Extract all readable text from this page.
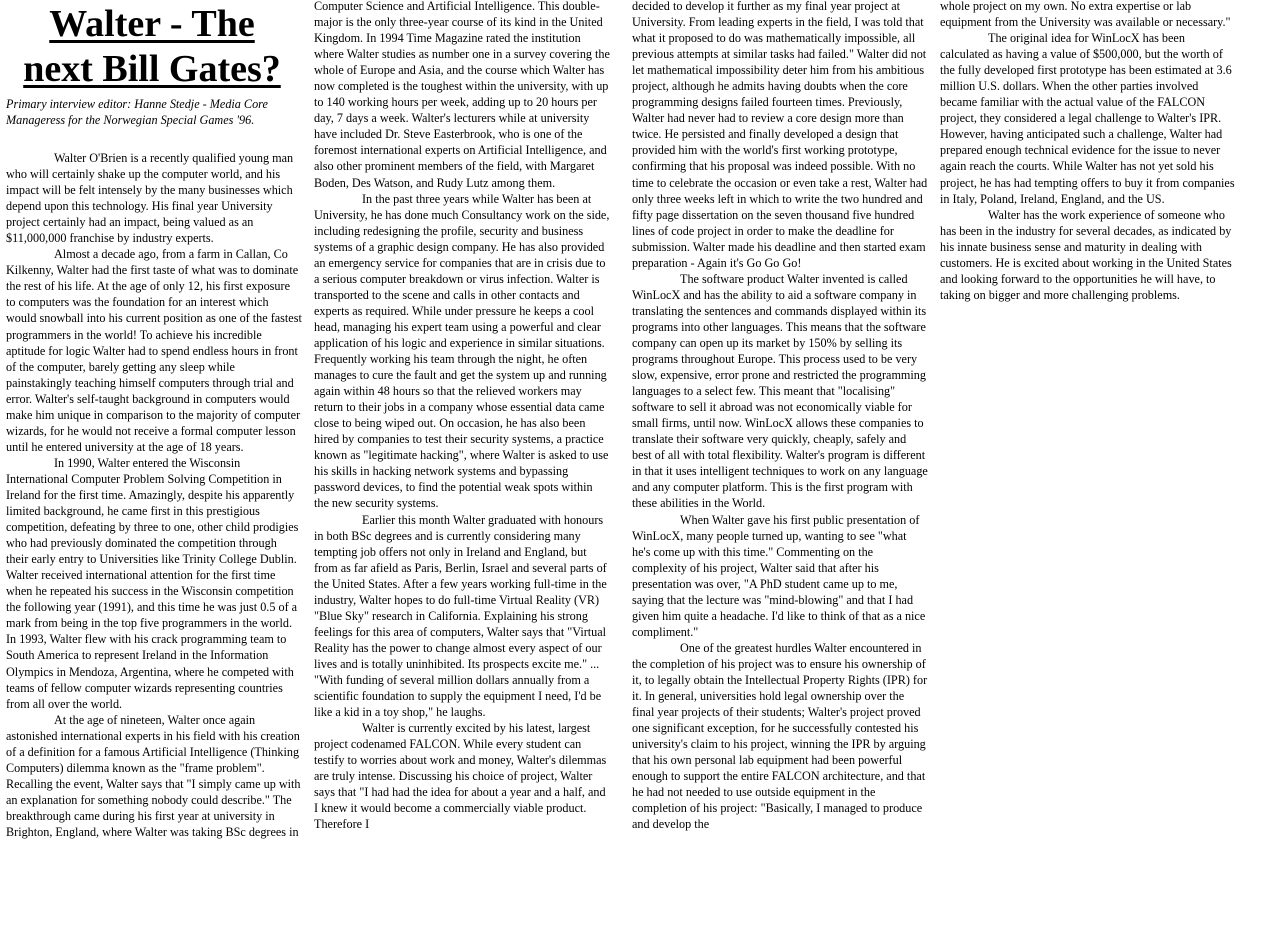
Walter - The
next Bill Gates?
Primary interview editor: Hanne Stedje - Media Core Manageress for the Norwegian Special Games '96.

Walter O'Brien is a recently qualified young man who will certainly shake up the computer world, and his impact will be felt intensely by the many businesses which depend upon this technology. His final year University project certainly had an impact, being valued as an $11,000,000 franchise by industry experts.

Almost a decade ago, from a farm in Callan, Co Kilkenny, Walter had the first taste of what was to dominate the rest of his life. At the age of only 12, his first exposure to computers was the foundation for an interest which would snowball into his current position as one of the fastest programmers in the world! To achieve his incredible aptitude for logic Walter had to spend endless hours in front of the computer, barely getting any sleep while painstakingly teaching himself computers through trial and error. Walter's self-taught background in computers would make him unique in comparison to the majority of computer wizards, for he would not receive a formal computer lesson until he entered university at the age of 18 years.

In 1990, Walter entered the Wisconsin International Computer Problem Solving Competition in Ireland for the first time. Amazingly, despite his apparently limited background, he came first in this prestigious competition, defeating by three to one, other child prodigies who had previously dominated the competition through their early entry to Universities like Trinity College Dublin. Walter received international attention for the first time when he repeated his success in the Wisconsin competition the following year (1991), and this time he was just 0.5 of a mark from being in the top five programmers in the world. In 1993, Walter flew with his crack programming team to South America to represent Ireland in the Information Olympics in Mendoza, Argentina, where he competed with teams of fellow computer wizards representing countries from all over the world.

At the age of nineteen, Walter once again astonished international experts in his field with his creation of a definition for a famous Artificial Intelligence (Thinking Computers) dilemma known as the "frame problem". Recalling the event, Walter says that "I simply came up with an explanation for something nobody could describe." The breakthrough came during his first year at university in Brighton, England, where Walter was taking BSc degrees in

Computer Science and Artificial Intelligence. This double-major is the only three-year course of its kind in the United Kingdom. In 1994 Time Magazine rated the institution where Walter studies as number one in a survey covering the whole of Europe and Asia, and the course which Walter has now completed is the toughest within the university, with up to 140 working hours per week, adding up to 20 hours per day, 7 days a week. Walter's lecturers while at university have included Dr. Steve Easterbrook, who is one of the foremost international experts on Artificial Intelligence, and also other prominent members of the field, with Margaret Boden, Des Watson, and Rudy Lutz among them.

In the past three years while Walter has been at University, he has done much Consultancy work on the side, including redesigning the profile, security and business systems of a graphic design company. He has also provided an emergency service for companies that are in crisis due to a serious computer breakdown or virus infection. Walter is transported to the scene and calls in other contacts and experts as required. While under pressure he keeps a cool head, managing his expert team using a powerful and clear application of his logic and experience in similar situations. Frequently working his team through the night, he often manages to cure the fault and get the system up and running again within 48 hours so that the relieved workers may return to their jobs in a company whose essential data came close to being wiped out. On occasion, he has also been hired by companies to test their security systems, a practice known as "legitimate hacking", where Walter is asked to use his skills in hacking network systems and bypassing password devices, to find the potential weak spots within the new security systems.

Earlier this month Walter graduated with honours in both BSc degrees and is currently considering many tempting job offers not only in Ireland and England, but from as far afield as Paris, Berlin, Israel and several parts of the United States. After a few years working full-time in the industry, Walter hopes to do full-time Virtual Reality (VR) "Blue Sky" research in California. Explaining his strong feelings for this area of computers, Walter says that "Virtual Reality has the power to change almost every aspect of our lives and is totally uninhibited. Its prospects excite me." ... "With funding of several million dollars annually from a scientific foundation to supply the equipment I need, I'd be like a kid in a toy shop," he laughs.

Walter is currently excited by his latest, largest project codenamed FALCON. While every student can testify to worries about work and money, Walter's dilemmas are truly intense. Discussing his choice of project, Walter says that "I had had the idea for about a year and a half, and I knew it would become a commercially viable product. Therefore I

decided to develop it further as my final year project at University. From leading experts in the field, I was told that what it proposed to do was mathematically impossible, all previous attempts at similar tasks had failed." Walter did not let mathematical impossibility deter him from his ambitious project, although he admits having doubts when the core programming designs failed fourteen times. Previously, Walter had never had to review a core design more than twice. He persisted and finally developed a design that provided him with the world's first working prototype, confirming that his proposal was indeed possible. With no time to celebrate the occasion or even take a rest, Walter had only three weeks left in which to write the two hundred and fifty page dissertation on the seven thousand five hundred lines of code project in order to make the deadline for submission. Walter made his deadline and then started exam preparation - Again it's Go Go Go!

The software product Walter invented is called WinLocX and has the ability to aid a software company in translating the sentences and commands displayed within its programs into other languages. This means that the software company can open up its market by 150% by selling its programs throughout Europe. This process used to be very slow, expensive, error prone and restricted the programming languages to a select few. This meant that "localising" software to sell it abroad was not economically viable for small firms, until now. WinLocX allows these companies to translate their software very quickly, cheaply, safely and best of all with total flexibility. Walter's program is different in that it uses intelligent techniques to work on any language and any computer platform. This is the first program with these abilities in the World.

When Walter gave his first public presentation of WinLocX, many people turned up, wanting to see "what he's come up with this time." Commenting on the complexity of his project, Walter said that after his presentation was over, "A PhD student came up to me, saying that the lecture was "mind-blowing" and that I had given him quite a headache. I'd like to think of that as a nice compliment."

One of the greatest hurdles Walter encountered in the completion of his project was to ensure his ownership of it, to legally obtain the Intellectual Property Rights (IPR) for it. In general, universities hold legal ownership over the final year projects of their students; Walter's project proved one significant exception, for he successfully contested his university's claim to his project, winning the IPR by arguing that his own personal lab equipment had been powerful enough to support the entire FALCON architecture, and that he had not needed to use outside equipment in the completion of his project: "Basically, I managed to produce and develop the

whole project on my own. No extra expertise or lab equipment from the University was available or necessary."

The original idea for WinLocX has been calculated as having a value of $500,000, but the worth of the fully developed first prototype has been estimated at 3.6 million U.S. dollars. When the other parties involved became familiar with the actual value of the FALCON project, they considered a legal challenge to Walter's IPR. However, having anticipated such a challenge, Walter had prepared enough technical evidence for the issue to never again reach the courts. While Walter has not yet sold his project, he has had tempting offers to buy it from companies in Italy, Poland, Ireland, England, and the US.

Walter has the work experience of someone who has been in the industry for several decades, as indicated by his innate business sense and maturity in dealing with customers. He is excited about working in the United States and looking forward to the opportunities he will have, to taking on bigger and more challenging problems.
